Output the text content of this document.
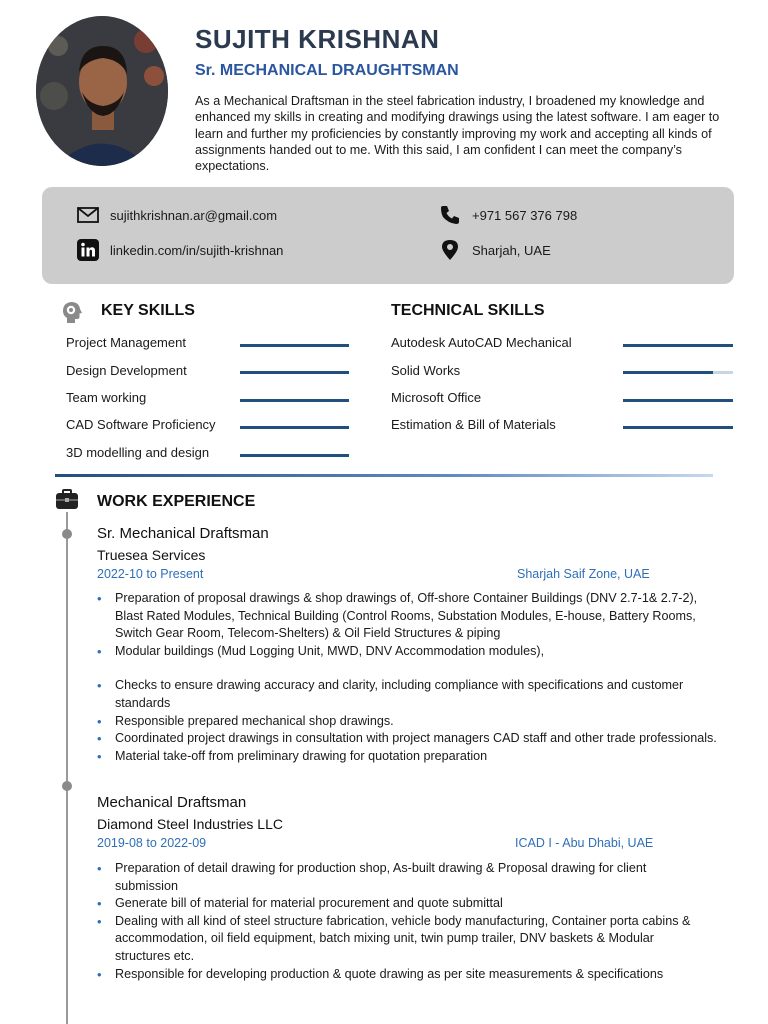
SUJITH KRISHNAN
Sr. MECHANICAL DRAUGHTSMAN
As a Mechanical Draftsman in the steel fabrication industry, I broadened my knowledge and enhanced my skills in creating and modifying drawings using the latest software. I am eager to learn and further my proficiencies by constantly improving my work and accepting all kinds of assignments handed out to me. With this said, I am confident I can meet the company’s expectations.
sujithkrishnan.ar@gmail.com	+971 567 376 798
linkedin.com/in/sujith-krishnan	Sharjah, UAE
KEY SKILLS
Project Management
Design Development
Team working
CAD Software Proficiency
3D modelling and design
TECHNICAL SKILLS
Autodesk AutoCAD Mechanical
Solid Works
Microsoft Office
Estimation & Bill of Materials
WORK EXPERIENCE
Sr. Mechanical Draftsman
Truesea Services
2022-10 to Present	Sharjah Saif Zone, UAE
• Preparation of proposal drawings & shop drawings of, Off-shore Container Buildings (DNV 2.7-1& 2.7-2), Blast Rated Modules, Technical Building (Control Rooms, Substation Modules, E-house, Battery Rooms, Switch Gear Room, Telecom-Shelters) & Oil Field Structures & piping
• Modular buildings (Mud Logging Unit, MWD, DNV Accommodation modules),
• Checks to ensure drawing accuracy and clarity, including compliance with specifications and customer standards
• Responsible prepared mechanical shop drawings.
• Coordinated project drawings in consultation with project managers CAD staff and other trade professionals.
• Material take-off from preliminary drawing for quotation preparation
Mechanical Draftsman
Diamond Steel Industries LLC
2019-08 to 2022-09	ICAD I - Abu Dhabi, UAE
• Preparation of detail drawing for production shop, As-built drawing & Proposal drawing for client submission
• Generate bill of material for material procurement and quote submittal
• Dealing with all kind of steel structure fabrication, vehicle body manufacturing, Container porta cabins & accommodation, oil field equipment, batch mixing unit, twin pump trailer, DNV baskets & Modular structures etc.
• Responsible for developing production & quote drawing as per site measurements & specifications
